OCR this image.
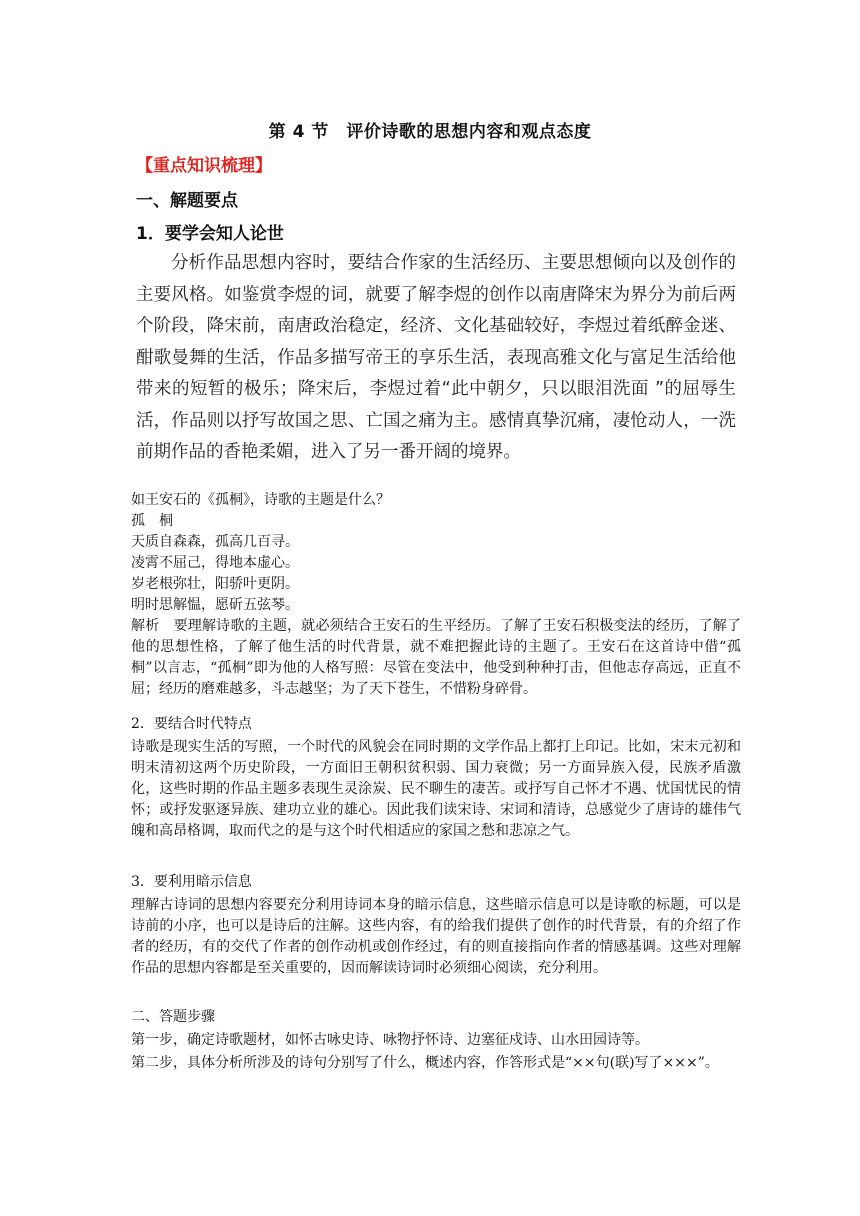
第 4 节　评价诗歌的思想内容和观点态度
【重点知识梳理】
一、解题要点
1．要学会知人论世
分析作品思想内容时，要结合作家的生活经历、主要思想倾向以及创作的主要风格。如鉴赏李煜的词，就要了解李煜的创作以南唐降宋为界分为前后两个阶段，降宋前，南唐政治稳定，经济、文化基础较好，李煜过着纸醉金迷、酣歌曼舞的生活，作品多描写帝王的享乐生活，表现高雅文化与富足生活给他带来的短暂的极乐；降宋后，李煜过着“此中朝夕，只以眼泪洗面 ”的屈辱生活，作品则以抒写故国之思、亡国之痛为主。感情真挚沉痛，凄怆动人，一洗前期作品的香艳柔媚，进入了另一番开阔的境界。
如王安石的《孤桐》，诗歌的主题是什么？
孤　桐
天质自森森，孤高几百寻。
凌霄不屈己，得地本虚心。
岁老根弥壮，阳骄叶更阴。
明时思解愠，愿斫五弦琴。
解析　要理解诗歌的主题，就必须结合王安石的生平经历。了解了王安石积极变法的经历，了解了他的思想性格，了解了他生活的时代背景，就不难把握此诗的主题了。王安石在这首诗中借“孤桐”以言志，“孤桐”即为他的人格写照：尽管在变法中，他受到种种打击，但他志存高远，正直不屈；经历的磨难越多，斗志越坚；为了天下苍生，不惜粉身碎骨。
2．要结合时代特点
诗歌是现实生活的写照，一个时代的风貌会在同时期的文学作品上都打上印记。比如，宋末元初和明末清初这两个历史阶段，一方面旧王朝积贫积弱、国力衰微；另一方面异族入侵，民族矛盾激化，这些时期的作品主题多表现生灵涂炭、民不聊生的凄苦。或抒写自己怀才不遇、忧国忧民的情怀；或抒发驱逐异族、建功立业的雄心。因此我们读宋诗、宋词和清诗，总感觉少了唐诗的雄伟气魄和高昂格调，取而代之的是与这个时代相适应的家国之愁和悲凉之气。
3．要利用暗示信息
理解古诗词的思想内容要充分利用诗词本身的暗示信息，这些暗示信息可以是诗歌的标题，可以是诗前的小序，也可以是诗后的注解。这些内容，有的给我们提供了创作的时代背景，有的介绍了作者的经历，有的交代了作者的创作动机或创作经过，有的则直接指向作者的情感基调。这些对理解作品的思想内容都是至关重要的，因而解读诗词时必须细心阅读，充分利用。
二、答题步骤
第一步，确定诗歌题材，如怀古咏史诗、咏物抒怀诗、边塞征戍诗、山水田园诗等。
第二步，具体分析所涉及的诗句分别写了什么，概述内容，作答形式是“××句(联)写了×××”。
